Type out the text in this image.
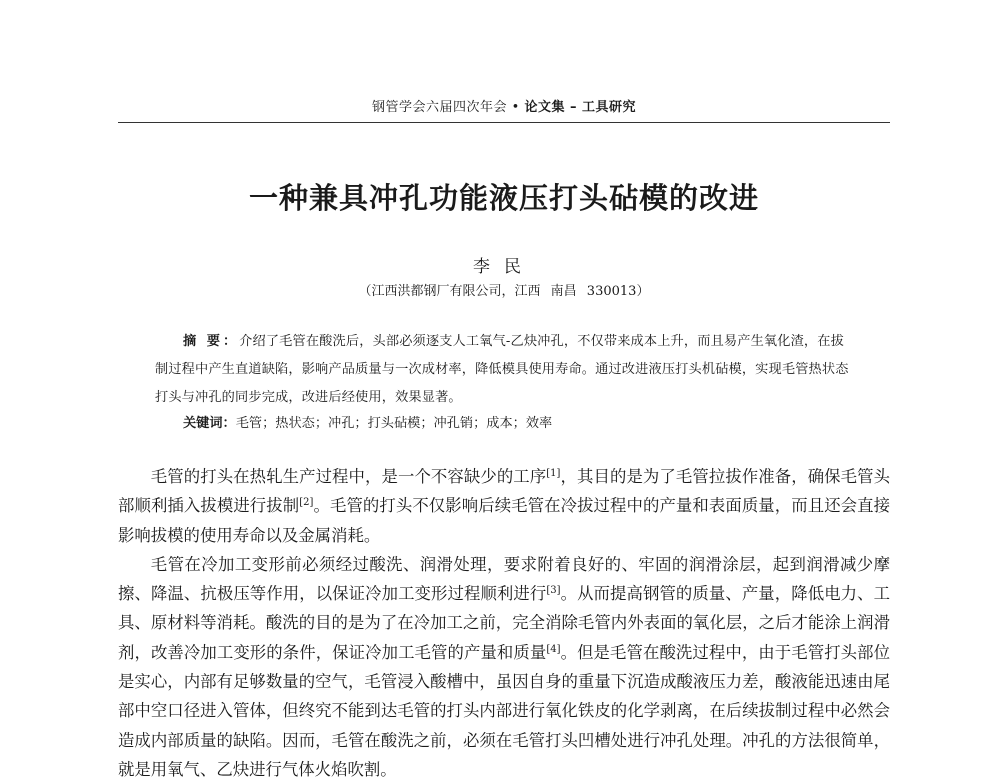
钢管学会六届四次年会 • 论文集 – 工具研究
一种兼具冲孔功能液压打头砧模的改进
李民
（江西洪都钢厂有限公司，江西 南昌 330013）
摘 要：介绍了毛管在酸洗后，头部必须逐支人工氧气-乙炔冲孔，不仅带来成本上升，而且易产生氧化渣，在拔制过程中产生直道缺陷，影响产品质量与一次成材率，降低模具使用寿命。通过改进液压打头机砧模，实现毛管热状态打头与冲孔的同步完成，改进后经使用，效果显著。
关键词：毛管；热状态；冲孔；打头砧模；冲孔销；成本；效率

毛管的打头在热轧生产过程中，是一个不容缺少的工序[1]，其目的是为了毛管拉拔作准备，确保毛管头部顺利插入拔模进行拔制[2]。毛管的打头不仅影响后续毛管在冷拔过程中的产量和表面质量，而且还会直接影响拔模的使用寿命以及金属消耗。

毛管在冷加工变形前必须经过酸洗、润滑处理，要求附着良好的、牢固的润滑涂层，起到润滑减少摩擦、降温、抗极压等作用，以保证冷加工变形过程顺利进行[3]。从而提高钢管的质量、产量，降低电力、工具、原材料等消耗。酸洗的目的是为了在冷加工之前，完全消除毛管内外表面的氧化层，之后才能涂上润滑剂，改善冷加工变形的条件，保证冷加工毛管的产量和质量[4]。但是毛管在酸洗过程中，由于毛管打头部位是实心，内部有足够数量的空气，毛管浸入酸槽中，虽因自身的重量下沉造成酸液压力差，酸液能迅速由尾部中空口径进入管体，但终究不能到达毛管的打头内部进行氧化铁皮的化学剥离，在后续拔制过程中必然会造成内部质量的缺陷。因而，毛管在酸洗之前，必须在毛管打头凹槽处进行冲孔处理。冲孔的方法很简单，就是用氧气、乙炔进行气体火焰吹割。
